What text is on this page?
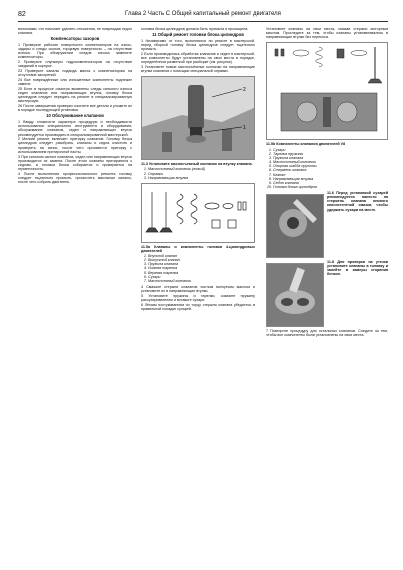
82	Глава 2 Часть С Общий капитальный ремонт двигателя

волокнами, что помогает удалить отложения, не повреждая седло клапана.

Компенсаторы зазоров

1 Проверьте рабочие поверхности компенсаторов на износ, задиры и следы сколов, торцевую поверхность – на отсутствие износа. При обнаружении следов износа замените компенсаторы.

2 Проверьте плунжеры гидрокомпенсаторов на отсутствие заеданий в корпусе.

23 Проверьте каналы подвода масла к компенсаторам на отсутствие засорений.

24 Все повреждённые или изношенные компоненты подлежат замене.

25 Если в процессе осмотра выявлены следы сильного износа седел клапанов или направляющих втулок, головку блока цилиндров следует передать на ремонт в специализированную мастерскую.

26 После завершения проверки очистите все детали и уложите их в порядке последующей установки.

10 Обслуживание клапанов

1 Ввиду сложности характера процедуры и необходимости использования специального инструмента и оборудования, обслуживание клапанов, седел и направляющих втулок рекомендуется производить в специализированной мастерской.

2 Мелкий ремонт включает притирку клапанов. Головку блока цилиндров следует разобрать, клапаны и седла очистить и проверить на износ, после чего произвести притирку с использованием притирочной пасты.

3 При сильном износе клапанов, седел или направляющих втулок производится их замена. После этого клапаны притираются к седлам, а головка блока собирается и проверяется на герметичность.

4 После выполнения профессионального ремонта головку следует тщательно промыть, прочистить масляные каналы, после чего собрать двигатель.

головка блока цилиндров должна быть промыта и прочищена.

11 Общий ремонт головки блока цилиндров

1 Независимо от того, выполнялся ли ремонт в мастерской, перед сборкой головку блока цилиндров следует тщательно промыть.

2 Если производилась обработка клапанов и седел в мастерской, все компоненты будут установлены на свои места в порядке, определённом разметкой при разборке (см. рисунок).

3 Установите новые маслосъёмные колпачки на направляющие втулки клапанов с помощью специальной оправки.

2
1
11.3 Установите маслосъемный колпачок на втулку клапана.
1. Маслосъемный колпачок (новый)
2. Оправка
3. Направляющая втулка
11.5a Клапаны и компоненты головки 4-цилиндровых двигателей
1. Впускной клапан
2. Выпускной клапан
3. Пружина клапана
4. Нижняя тарелка
5. Верхняя тарелка
6. Сухари
7. Маслосъемный колпачок

4 Смажьте стержни клапанов чистым моторным маслом и установите их в направляющие втулки.

5 Установите пружины и тарелки, сожмите пружину рассухаривателем и вставьте сухари.

6 Лёгким постукиванием по торцу стержня клапана убедитесь в правильной посадке сухарей.

Установите клапаны на свои места, смазав стержни моторным маслом. Проследите за тем, чтобы клапаны устанавливались в направляющие втулки без перекоса.

11.5b Компоненты клапанов двигателей V8
1. Сухари
2. Тарелка пружины
3. Пружина клапана
4. Маслосъемный колпачок
5. Опорная шайба пружины
6. Стержень клапана
7. Клапан
8. Направляющая втулка
9. Седло клапана
10. Головка блока цилиндров
11.6 Перед установкой сухарей рекомендуется нанести на стержень клапана немного консистентной смазки, чтобы удержать сухари на месте.
11.8 Для проверки на утечки установите клапаны в головку и залейте в камеры сгорания бензин.

7 Повторите процедуру для остальных клапанов. Следите за тем, чтобы все компоненты были установлены на свои места.
